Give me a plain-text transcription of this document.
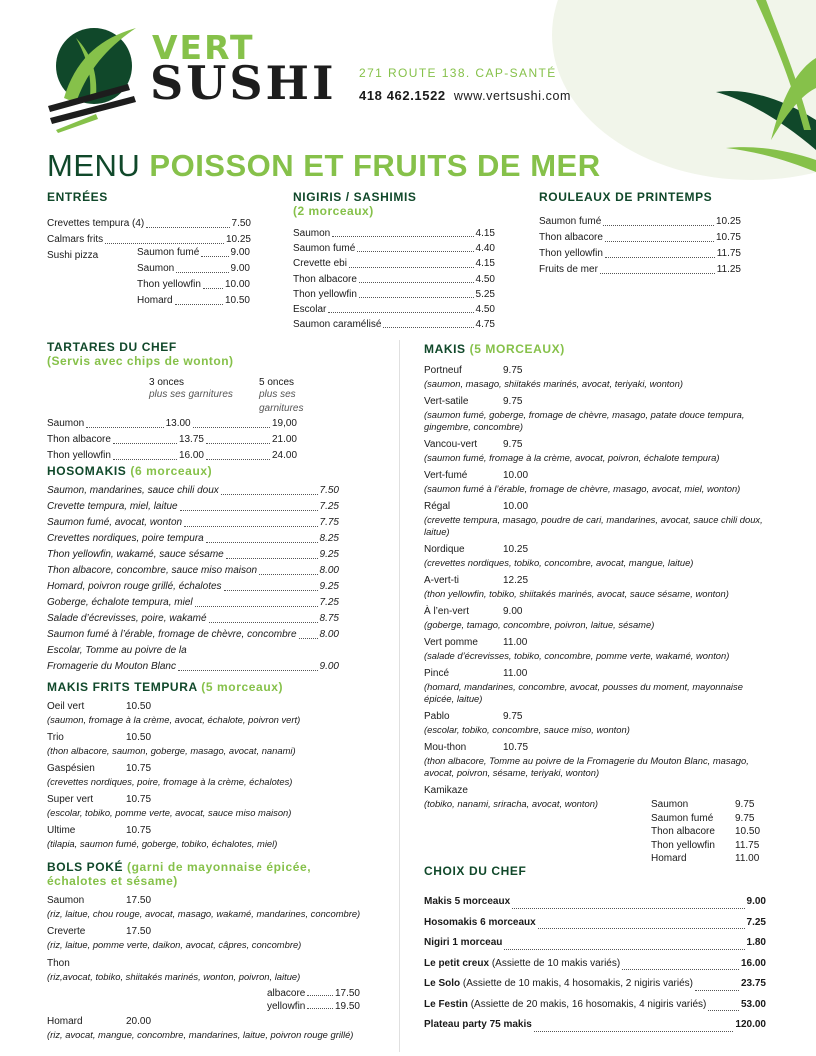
VERT
SUSHI 271 ROUTE 138. CAP-SANTÉ
418 462.1522 www.vertsushi.com
MENU POISSON ET FRUITS DE MER
ENTRÉES
Crevettes tempura (4)	7.50
Calmars frits	10.25
Sushi pizza	Saumon fumé	9.00
Saumon	9.00
Thon yellowfin 10.00
Homard	10.50
NIGIRIS / SASHIMIS
(2 morceaux)
Saumon	4.15
Saumon fumé	4.40
Crevette ebi	4.15
Thon albacore	4.50
Thon yellowfin	5.25
Escolar	4.50
Saumon caramélisé	4.75
ROULEAUX DE PRINTEMPS
Saumon fumé	10.25
Thon albacore	10.75
Thon yellowfin	11.75
Fruits de mer	11.25
TARTARES DU CHEF
(Servis avec chips de wonton)
3 onces
plus ses garnitures
5 onces
plus ses garnitures
Saumon	13.00	19,00
Thon albacore	13.75	21.00
Thon yellowfin	16.00	24.00
HOSOMAKIS (6 morceaux)
Saumon, mandarines, sauce chili doux	7.50
Crevette tempura, miel, laitue	7.25
Saumon fumé, avocat, wonton	7.75
Crevettes nordiques, poire tempura	8.25
Thon yellowfin, wakamé, sauce sésame	9.25
Thon albacore, concombre, sauce miso maison	8.00
Homard, poivron rouge grillé, échalotes	9.25
Goberge, échalote tempura, miel	7.25
Salade d’écrevisses, poire, wakamé	8.75
Saumon fumé à l’érable, fromage de chèvre, concombre 8.00
Escolar, Tomme au poivre de la
Fromagerie du Mouton Blanc	9.00
MAKIS FRITS TEMPURA (5 morceaux)
Oeil vert	10.50
(saumon, fromage à la crème, avocat, échalote, poivron vert)
Trio	10.50
(thon albacore, saumon, goberge, masago, avocat, nanami)
Gaspésien	10.75
(crevettes nordiques, poire, fromage à la crème, échalotes)
Super vert	10.75
(escolar, tobiko, pomme verte, avocat, sauce miso maison)
Ultime	10.75
(tilapia, saumon fumé, goberge, tobiko, échalotes, miel)
BOLS POKÉ (garni de mayonnaise épicée,
échalotes et sésame)
Saumon	17.50
(riz, laitue, chou rouge, avocat, masago, wakamé, mandarines, concombre)
Creverte	17.50
(riz, laitue, pomme verte, daikon, avocat, câpres, concombre)
Thon
(riz,avocat, tobiko, shiitakés marinés, wonton, poivron, laitue)
albacore	17.50
yellowfin	19.50
Homard	20.00
(riz, avocat, mangue, concombre, mandarines, laitue, poivron rouge grillé)
MAKIS (5 MORCEAUX)
Portneuf	9.75
(saumon, masago, shiitakés marinés, avocat, teriyaki, wonton)
Vert-satile	9.75
(saumon fumé, goberge, fromage de chèvre, masago, patate douce tempura, gingembre, concombre)
Vancou-vert	9.75
(saumon fumé, fromage à la crème, avocat, poivron, échalote tempura)
Vert-fumé	10.00
(saumon fumé à l’érable, fromage de chèvre, masago, avocat, miel, wonton)
Régal	10.00
(crevette tempura, masago, poudre de cari, mandarines, avocat, sauce chili doux, laitue)
Nordique	10.25
(crevettes nordiques, tobiko, concombre, avocat, mangue, laitue)
A-vert-ti	12.25
(thon yellowfin, tobiko, shiitakés marinés, avocat, sauce sésame, wonton)
À l’en-vert	9.00
(goberge, tamago, concombre, poivron, laitue, sésame)
Vert pomme	11.00
(salade d’écrevisses, tobiko, concombre, pomme verte, wakamé, wonton)
Pincé	11.00
(homard, mandarines, concombre, avocat, pousses du moment, mayonnaise épicée, laitue)
Pablo	9.75
(escolar, tobiko, concombre, sauce miso, wonton)
Mou-thon	10.75
(thon albacore, Tomme au poivre de la Fromagerie du Mouton Blanc, masago, avocat, poivron, sésame, teriyaki, wonton)
Kamikaze
(tobiko, nanami, sriracha, avocat, wonton)	Saumon	9.75
Saumon fumé 9.75
Thon albacore 10.50
Thon yellowfin 11.75
Homard	11.00
CHOIX DU CHEF
Makis 5 morceaux	9.00
Hosomakis 6 morceaux	7.25
Nigiri 1 morceau	1.80
Le petit creux (Assiette de 10 makis variés)	16.00
Le Solo (Assiette de 10 makis, 4 hosomakis, 2 nigiris variés)	23.75
Le Festin (Assiette de 20 makis, 16 hosomakis, 4 nigiris variés)	53.00
Plateau party 75 makis	120.00
